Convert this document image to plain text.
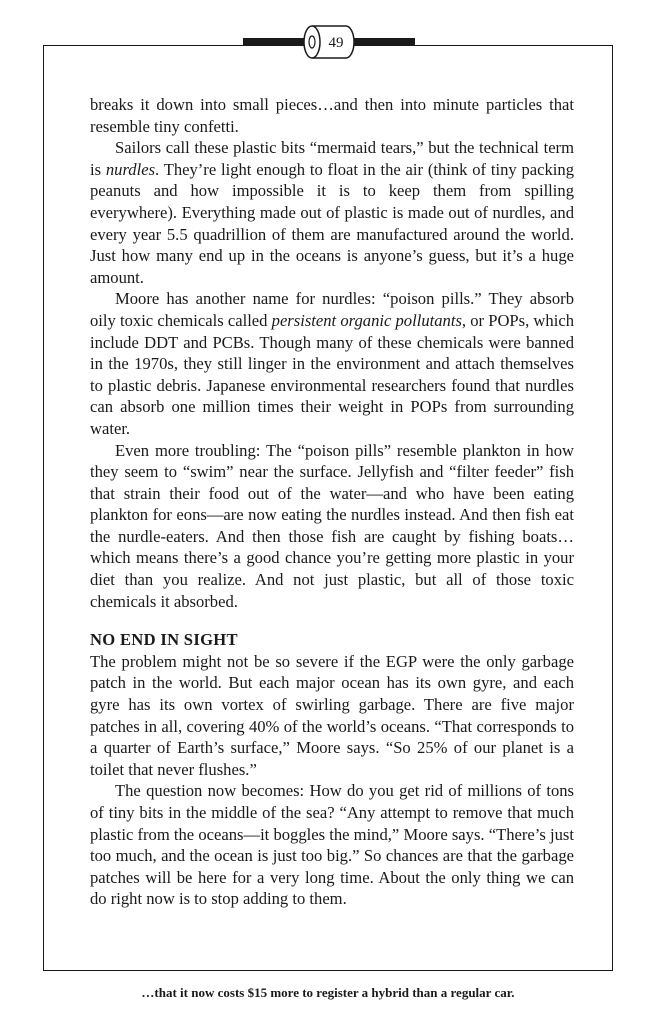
49

breaks it down into small pieces…and then into minute particles that resemble tiny confetti.

Sailors call these plastic bits “mermaid tears,” but the technical term is nurdles. They’re light enough to float in the air (think of tiny packing peanuts and how impossible it is to keep them from spilling everywhere). Everything made out of plastic is made out of nurdles, and every year 5.5 quadrillion of them are manufactured around the world. Just how many end up in the oceans is anyone’s guess, but it’s a huge amount.

Moore has another name for nurdles: “poison pills.” They absorb oily toxic chemicals called persistent organic pollutants, or POPs, which include DDT and PCBs. Though many of these chemicals were banned in the 1970s, they still linger in the environment and attach themselves to plastic debris. Japanese environmental researchers found that nurdles can absorb one million times their weight in POPs from surrounding water.

Even more troubling: The “poison pills” resemble plankton in how they seem to “swim” near the surface. Jellyfish and “filter feeder” fish that strain their food out of the water—and who have been eating plankton for eons—are now eating the nurdles instead. And then fish eat the nurdle-eaters. And then those fish are caught by fishing boats…which means there’s a good chance you’re getting more plastic in your diet than you realize. And not just plastic, but all of those toxic chemicals it absorbed.

NO END IN SIGHT

The problem might not be so severe if the EGP were the only garbage patch in the world. But each major ocean has its own gyre, and each gyre has its own vortex of swirling garbage. There are five major patches in all, covering 40% of the world’s oceans. “That corresponds to a quarter of Earth’s surface,” Moore says. “So 25% of our planet is a toilet that never flushes.”

The question now becomes: How do you get rid of millions of tons of tiny bits in the middle of the sea? “Any attempt to remove that much plastic from the oceans—it boggles the mind,” Moore says. “There’s just too much, and the ocean is just too big.” So chances are that the garbage patches will be here for a very long time. About the only thing we can do right now is to stop adding to them.

…that it now costs $15 more to register a hybrid than a regular car.
